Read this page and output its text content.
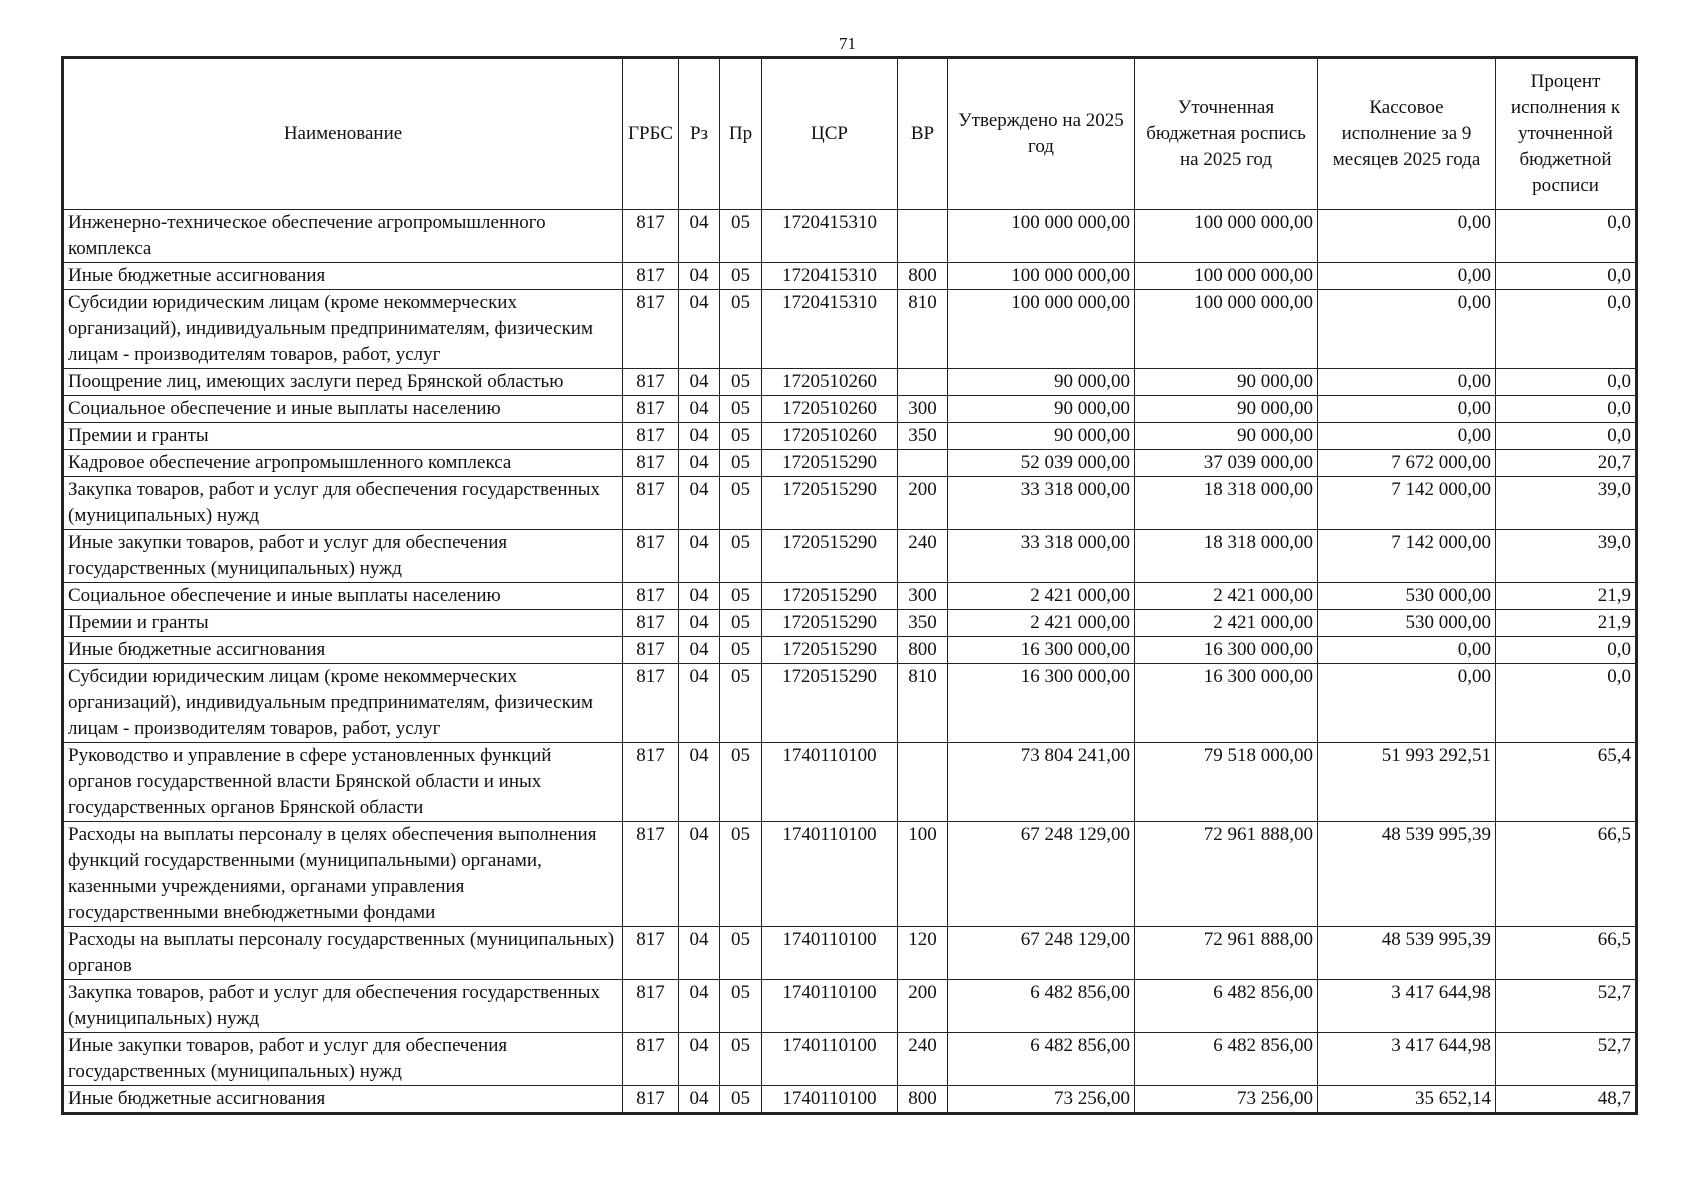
71
Наименование	ГРБС	Рз	Пр	ЦСР	ВР	Утверждено на 2025 год	Уточненная бюджетная роспись на 2025 год	Кассовое исполнение за 9 месяцев 2025 года	Процент исполнения к уточненной бюджетной росписи
Инженерно-техническое обеспечение агропромышленного комплекса	817	04	05	1720415310		100 000 000,00	100 000 000,00	0,00	0,0
Иные бюджетные ассигнования	817	04	05	1720415310	800	100 000 000,00	100 000 000,00	0,00	0,0
Субсидии юридическим лицам (кроме некоммерческих организаций), индивидуальным предпринимателям, физическим лицам - производителям товаров, работ, услуг	817	04	05	1720415310	810	100 000 000,00	100 000 000,00	0,00	0,0
Поощрение лиц, имеющих заслуги перед Брянской областью	817	04	05	1720510260		90 000,00	90 000,00	0,00	0,0
Социальное обеспечение и иные выплаты населению	817	04	05	1720510260	300	90 000,00	90 000,00	0,00	0,0
Премии и гранты	817	04	05	1720510260	350	90 000,00	90 000,00	0,00	0,0
Кадровое обеспечение агропромышленного комплекса	817	04	05	1720515290		52 039 000,00	37 039 000,00	7 672 000,00	20,7
Закупка товаров, работ и услуг для обеспечения государственных (муниципальных) нужд	817	04	05	1720515290	200	33 318 000,00	18 318 000,00	7 142 000,00	39,0
Иные закупки товаров, работ и услуг для обеспечения государственных (муниципальных) нужд	817	04	05	1720515290	240	33 318 000,00	18 318 000,00	7 142 000,00	39,0
Социальное обеспечение и иные выплаты населению	817	04	05	1720515290	300	2 421 000,00	2 421 000,00	530 000,00	21,9
Премии и гранты	817	04	05	1720515290	350	2 421 000,00	2 421 000,00	530 000,00	21,9
Иные бюджетные ассигнования	817	04	05	1720515290	800	16 300 000,00	16 300 000,00	0,00	0,0
Субсидии юридическим лицам (кроме некоммерческих организаций), индивидуальным предпринимателям, физическим лицам - производителям товаров, работ, услуг	817	04	05	1720515290	810	16 300 000,00	16 300 000,00	0,00	0,0
Руководство и управление в сфере установленных функций органов государственной власти Брянской области и иных государственных органов Брянской области	817	04	05	1740110100		73 804 241,00	79 518 000,00	51 993 292,51	65,4
Расходы на выплаты персоналу в целях обеспечения выполнения функций государственными (муниципальными) органами, казенными учреждениями, органами управления государственными внебюджетными фондами	817	04	05	1740110100	100	67 248 129,00	72 961 888,00	48 539 995,39	66,5
Расходы на выплаты персоналу государственных (муниципальных) органов	817	04	05	1740110100	120	67 248 129,00	72 961 888,00	48 539 995,39	66,5
Закупка товаров, работ и услуг для обеспечения государственных (муниципальных) нужд	817	04	05	1740110100	200	6 482 856,00	6 482 856,00	3 417 644,98	52,7
Иные закупки товаров, работ и услуг для обеспечения государственных (муниципальных) нужд	817	04	05	1740110100	240	6 482 856,00	6 482 856,00	3 417 644,98	52,7
Иные бюджетные ассигнования	817	04	05	1740110100	800	73 256,00	73 256,00	35 652,14	48,7
